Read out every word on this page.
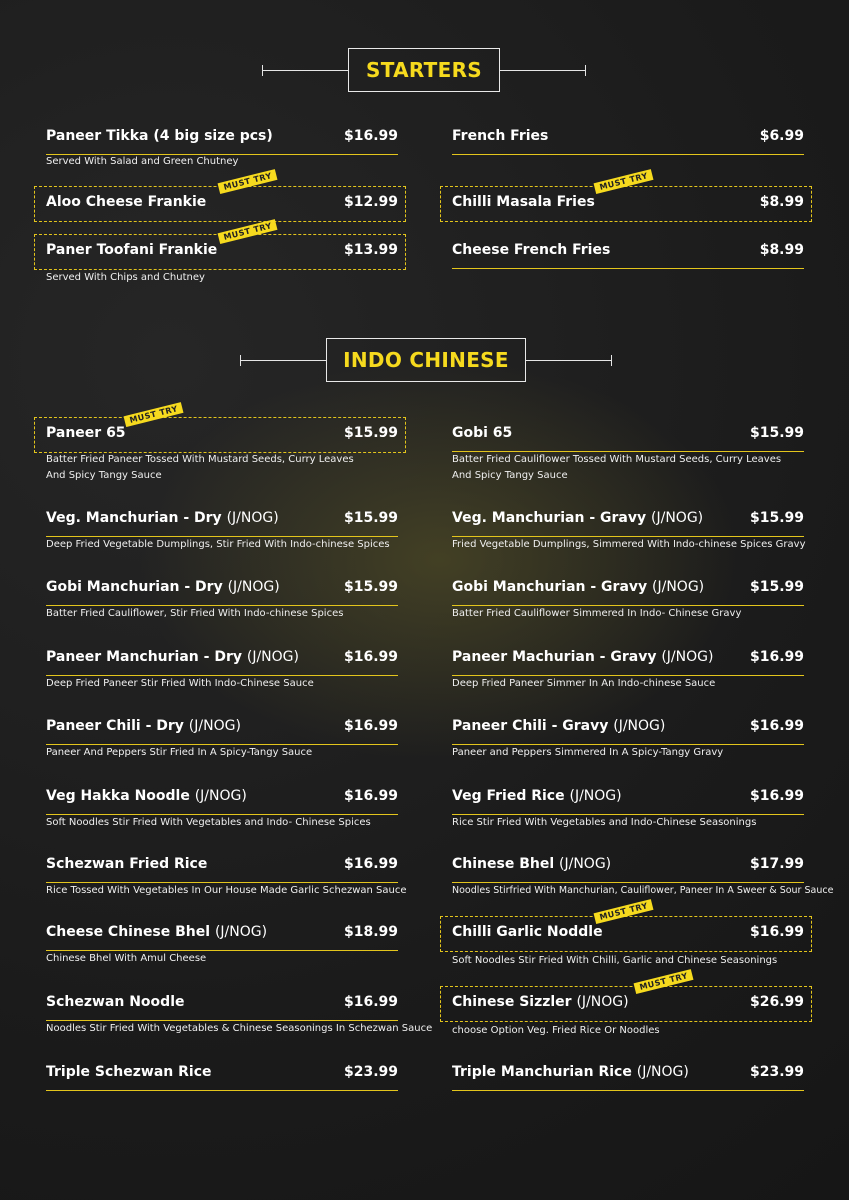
STARTERS
Paneer Tikka (4 big size pcs)	$16.99
Served With Salad and Green Chutney
Aloo Cheese Frankie	$12.99
MUST TRY
Paner Toofani Frankie	$13.99
MUST TRY
Served With Chips and Chutney
French Fries	$6.99
Chilli Masala Fries	$8.99
MUST TRY
Cheese French Fries	$8.99
INDO CHINESE
Paneer 65	$15.99
MUST TRY
Batter Fried Paneer Tossed With Mustard Seeds, Curry Leaves
And Spicy Tangy Sauce
Veg. Manchurian - Dry (J/NOG)	$15.99
Deep Fried Vegetable Dumplings, Stir Fried With Indo-chinese Spices
Gobi Manchurian - Dry (J/NOG)	$15.99
Batter Fried Cauliflower, Stir Fried With Indo-chinese Spices
Paneer Manchurian - Dry (J/NOG)	$16.99
Deep Fried Paneer Stir Fried With Indo-Chinese Sauce
Paneer Chili - Dry (J/NOG)	$16.99
Paneer And Peppers Stir Fried In A Spicy-Tangy Sauce
Veg Hakka Noodle (J/NOG)	$16.99
Soft Noodles Stir Fried With Vegetables and Indo- Chinese Spices
Schezwan Fried Rice	$16.99
Rice Tossed With Vegetables In Our House Made Garlic Schezwan Sauce
Cheese Chinese Bhel (J/NOG)	$18.99
Chinese Bhel With Amul Cheese
Schezwan Noodle	$16.99
Noodles Stir Fried With Vegetables & Chinese Seasonings In Schezwan Sauce
Triple Schezwan Rice	$23.99
Gobi 65	$15.99
Batter Fried Cauliflower Tossed With Mustard Seeds, Curry Leaves
And Spicy Tangy Sauce
Veg. Manchurian - Gravy (J/NOG)	$15.99
Fried Vegetable Dumplings, Simmered With Indo-chinese Spices Gravy
Gobi Manchurian - Gravy (J/NOG)	$15.99
Batter Fried Cauliflower Simmered In Indo- Chinese Gravy
Paneer Machurian - Gravy (J/NOG)	$16.99
Deep Fried Paneer Simmer In An Indo-chinese Sauce
Paneer Chili - Gravy (J/NOG)	$16.99
Paneer and Peppers Simmered In A Spicy-Tangy Gravy
Veg Fried Rice (J/NOG)	$16.99
Rice Stir Fried With Vegetables and Indo-Chinese Seasonings
Chinese Bhel (J/NOG)	$17.99
Noodles Stirfried With Manchurian, Cauliflower, Paneer In A Sweer & Sour Sauce
Chilli Garlic Noddle	$16.99
MUST TRY
Soft Noodles Stir Fried With Chilli, Garlic and Chinese Seasonings
Chinese Sizzler (J/NOG)	$26.99
MUST TRY
choose Option Veg. Fried Rice Or Noodles
Triple Manchurian Rice (J/NOG)	$23.99
